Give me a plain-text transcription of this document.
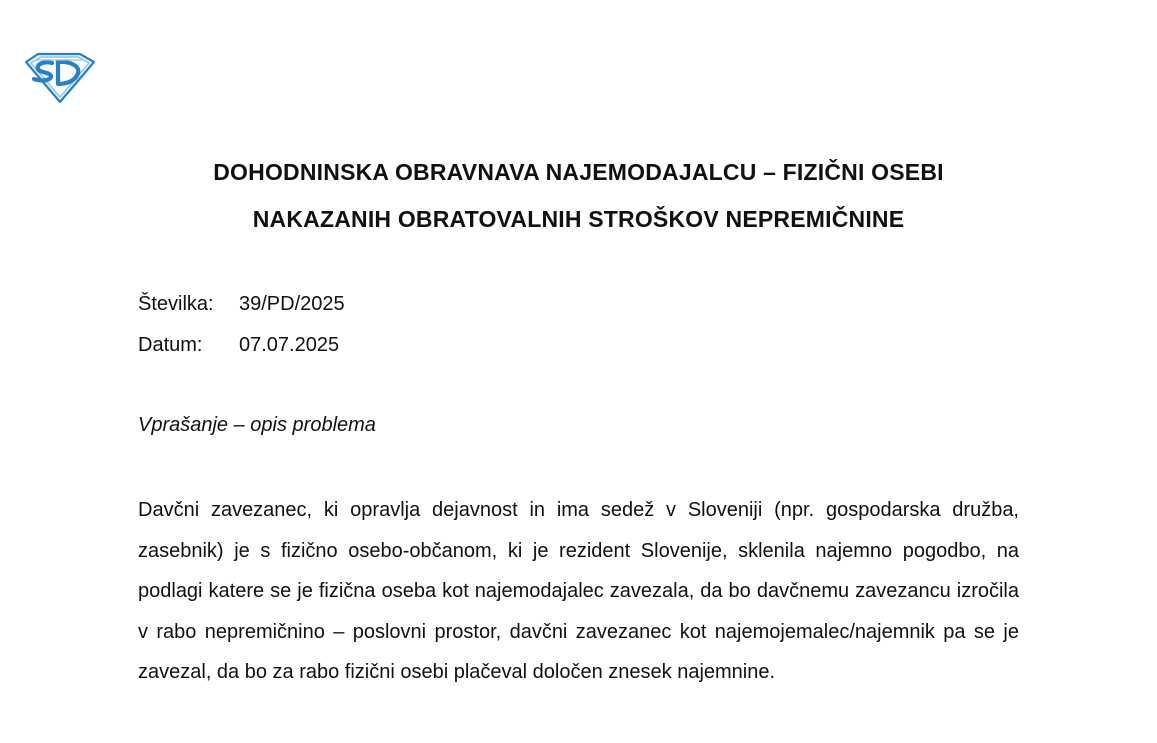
DOHODNINSKA OBRAVNAVA NAJEMODAJALCU – FIZIČNI OSEBI
NAKAZANIH OBRATOVALNIH STROŠKOV NEPREMIČNINE
Številka: 39/PD/2025
Datum: 07.07.2025
Vprašanje – opis problema
Davčni zavezanec, ki opravlja dejavnost in ima sedež v Sloveniji (npr. gospodarska družba, zasebnik) je s fizično osebo-občanom, ki je rezident Slovenije, sklenila najemno pogodbo, na podlagi katere se je fizična oseba kot najemodajalec zavezala, da bo davčnemu zavezancu izročila v rabo nepremičnino – poslovni prostor, davčni zavezanec kot najemojemalec/najemnik pa se je zavezal, da bo za rabo fizični osebi plačeval določen znesek najemnine.
